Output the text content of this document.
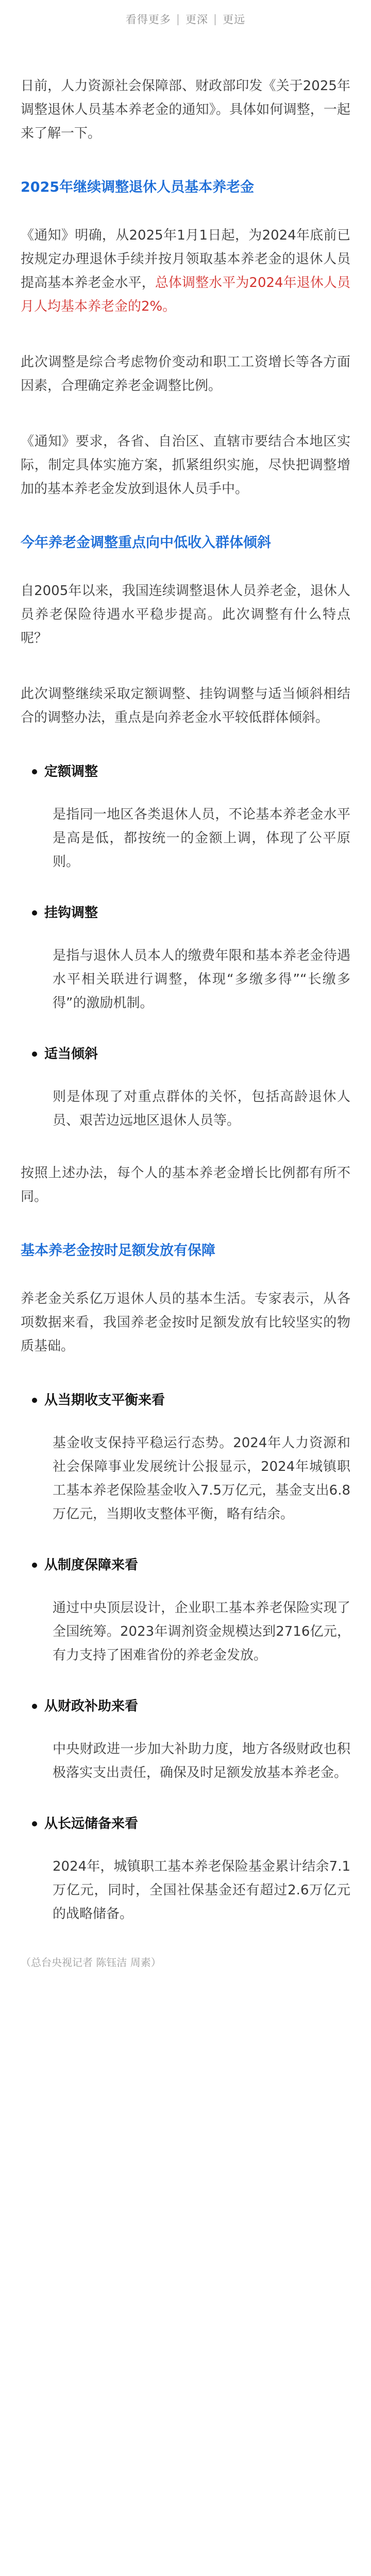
看得更多 | 更深 | 更远

日前，人力资源社会保障部、财政部印发《关于2025年调整退休人员基本养老金的通知》。具体如何调整，一起来了解一下。

2025年继续调整退休人员基本养老金

《通知》明确，从2025年1月1日起，为2024年底前已按规定办理退休手续并按月领取基本养老金的退休人员提高基本养老金水平，总体调整水平为2024年退休人员月人均基本养老金的2%。

此次调整是综合考虑物价变动和职工工资增长等各方面因素，合理确定养老金调整比例。

《通知》要求，各省、自治区、直辖市要结合本地区实际，制定具体实施方案，抓紧组织实施，尽快把调整增加的基本养老金发放到退休人员手中。

今年养老金调整重点向中低收入群体倾斜

自2005年以来，我国连续调整退休人员养老金，退休人员养老保险待遇水平稳步提高。此次调整有什么特点呢？

此次调整继续采取定额调整、挂钩调整与适当倾斜相结合的调整办法，重点是向养老金水平较低群体倾斜。

定额调整

是指同一地区各类退休人员，不论基本养老金水平是高是低，都按统一的金额上调，体现了公平原则。

挂钩调整

是指与退休人员本人的缴费年限和基本养老金待遇水平相关联进行调整，体现“多缴多得”“长缴多得”的激励机制。

适当倾斜

则是体现了对重点群体的关怀，包括高龄退休人员、艰苦边远地区退休人员等。

按照上述办法，每个人的基本养老金增长比例都有所不同。

基本养老金按时足额发放有保障

养老金关系亿万退休人员的基本生活。专家表示，从各项数据来看，我国养老金按时足额发放有比较坚实的物质基础。

从当期收支平衡来看

基金收支保持平稳运行态势。2024年人力资源和社会保障事业发展统计公报显示，2024年城镇职工基本养老保险基金收入7.5万亿元，基金支出6.8万亿元，当期收支整体平衡，略有结余。

从制度保障来看

通过中央顶层设计，企业职工基本养老保险实现了全国统筹。2023年调剂资金规模达到2716亿元，有力支持了困难省份的养老金发放。

从财政补助来看

中央财政进一步加大补助力度，地方各级财政也积极落实支出责任，确保及时足额发放基本养老金。

从长远储备来看

2024年，城镇职工基本养老保险基金累计结余7.1万亿元，同时，全国社保基金还有超过2.6万亿元的战略储备。

（总台央视记者 陈钰洁 周素）
